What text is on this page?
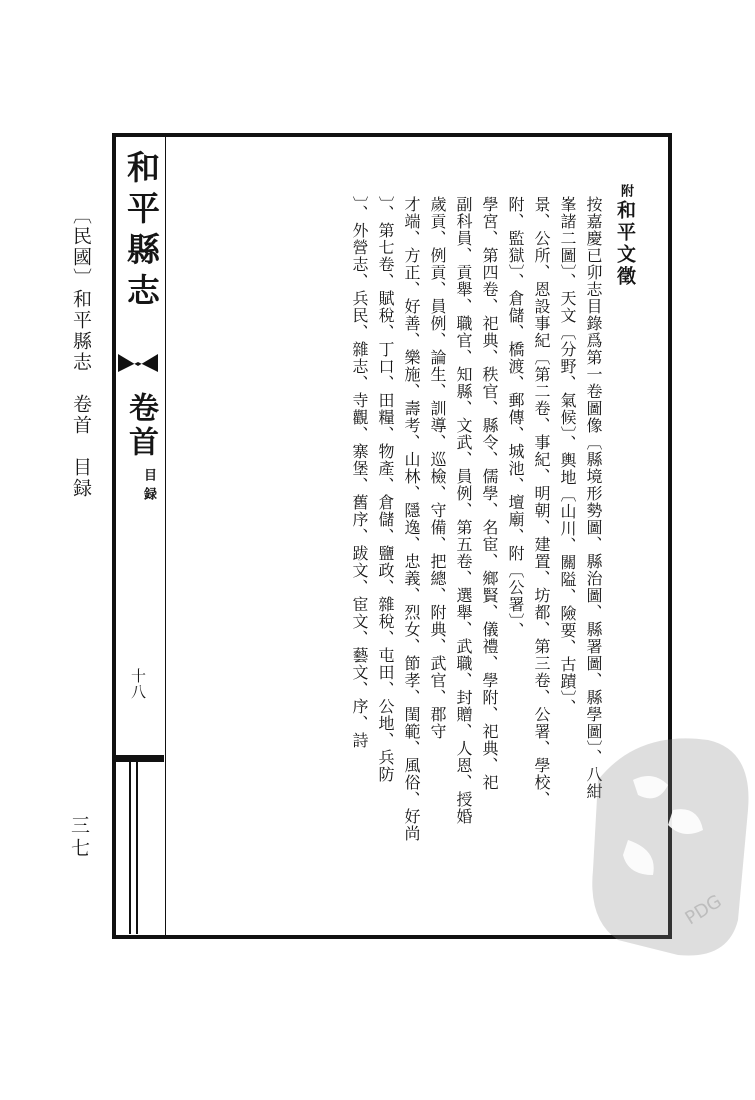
〔民國〕和平縣志　卷首　目録
三七
和平縣志
卷首
目録
十八
附和平文徵
按嘉慶已卯志目錄爲第一卷圖像〔縣境形勢圖、縣治圖、縣署圖、縣學圖〕、八紺
峯諸二圖〕、天文〔分野、氣候〕、輿地〔山川、關隘、險要、古蹟〕、
景、公所、恩設事紀〔第二卷、事紀、明朝、建置、坊都、第三卷、公署、學校、
附、監獄〕、倉儲、橋渡、郵傳、城池、壇廟、附〔公署〕、
學宮、第四卷、祀典、秩官、縣令、儒學、名宦、鄉賢、儀禮、學附、祀典、祀
副科員、貢舉、職官、知縣、文武、員例、第五卷、選舉、武職、封贈、人恩、授婚
歲貢、例貢、員例、論生、訓導、巡檢、守備、把總、附典、武官、郡守
才端、方正、好善、樂施、壽考、山林、隱逸、忠義、烈女、節孝、閨範、風俗、好尚
〕、第七卷、賦稅、丁口、田糧、物產、倉儲、鹽政、雜稅、屯田、公地、兵防
〕、外營志、兵民、雜志、寺觀、寨堡、舊序、跋文、宦文、藝文、序、詩
PDG
